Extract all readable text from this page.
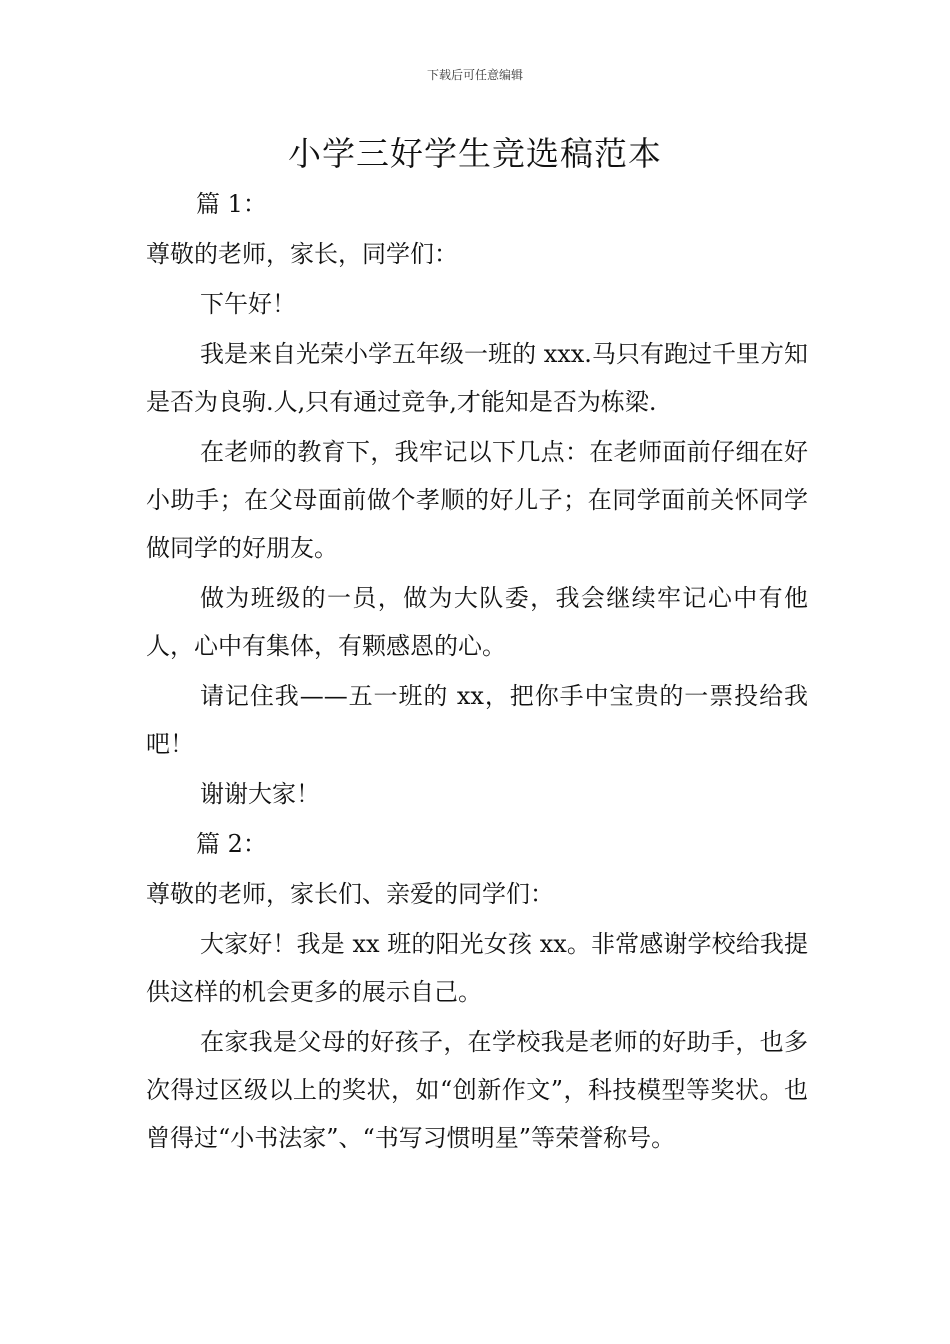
下载后可任意编辑
小学三好学生竞选稿范本

篇 1：

尊敬的老师，家长，同学们：

下午好！

我是来自光荣小学五年级一班的 xxx.马只有跑过千里方知是否为良驹.人,只有通过竞争,才能知是否为栋梁.

在老师的教育下，我牢记以下几点：在老师面前仔细在好小助手；在父母面前做个孝顺的好儿子；在同学面前关怀同学做同学的好朋友。

做为班级的一员，做为大队委，我会继续牢记心中有他人，心中有集体，有颗感恩的心。

请记住我——五一班的 xx，把你手中宝贵的一票投给我吧！

谢谢大家！

篇 2：

尊敬的老师，家长们、亲爱的同学们：

大家好！我是 xx 班的阳光女孩 xx。非常感谢学校给我提供这样的机会更多的展示自己。

在家我是父母的好孩子，在学校我是老师的好助手，也多次得过区级以上的奖状，如“创新作文”，科技模型等奖状。也曾得过“小书法家”、“书写习惯明星”等荣誉称号。
